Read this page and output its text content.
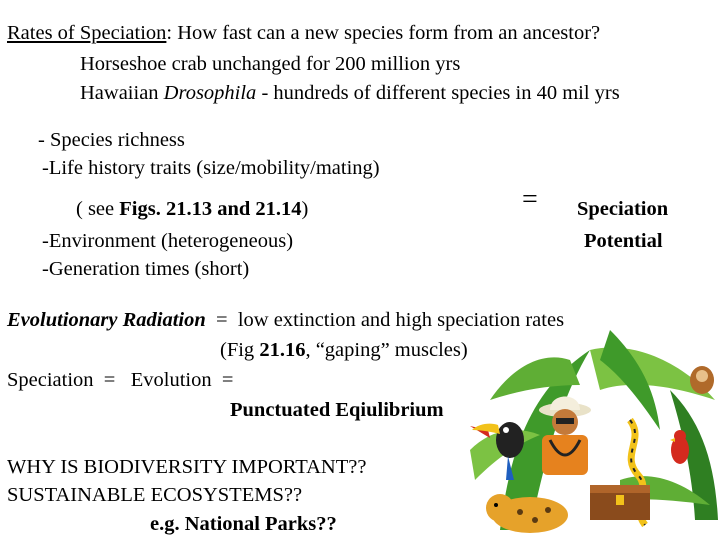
Rates of Speciation: How fast can a new species form from an ancestor?
Horseshoe crab unchanged for 200 million yrs
Hawaiian Drosophila - hundreds of different species in 40 mil yrs
- Species richness
-Life history traits (size/mobility/mating)
( see Figs. 21.13 and 21.14)
-Environment (heterogeneous)
-Generation times (short)
= Speciation
Potential
Evolutionary Radiation = low extinction and high speciation rates
(Fig 21.16, “gaping” muscles)
Speciation  =   Evolution  =
Punctuated Eqiulibrium
WHY IS BIODIVERSITY IMPORTANT??
SUSTAINABLE ECOSYSTEMS??
e.g. National Parks??
